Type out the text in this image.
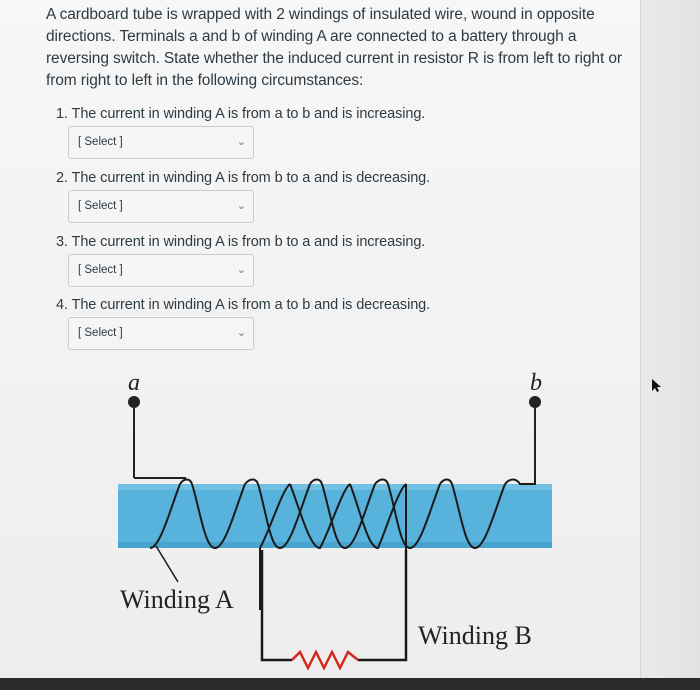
A cardboard tube is wrapped with 2 windings of insulated wire, wound in opposite directions. Terminals a and b of winding A are connected to a battery through a reversing switch. State whether the induced current in resistor R is from left to right or from right to left in the following circumstances:
1. The current in winding A is from a to b and is increasing.
[ Select ]	⌄
2. The current in winding A is from b to a and is decreasing.
[ Select ]	⌄
3. The current in winding A is from b to a and is increasing.
[ Select ]	⌄
4. The current in winding A is from a to b and is decreasing.
[ Select ]	⌄
a	b
Winding A
Winding B
